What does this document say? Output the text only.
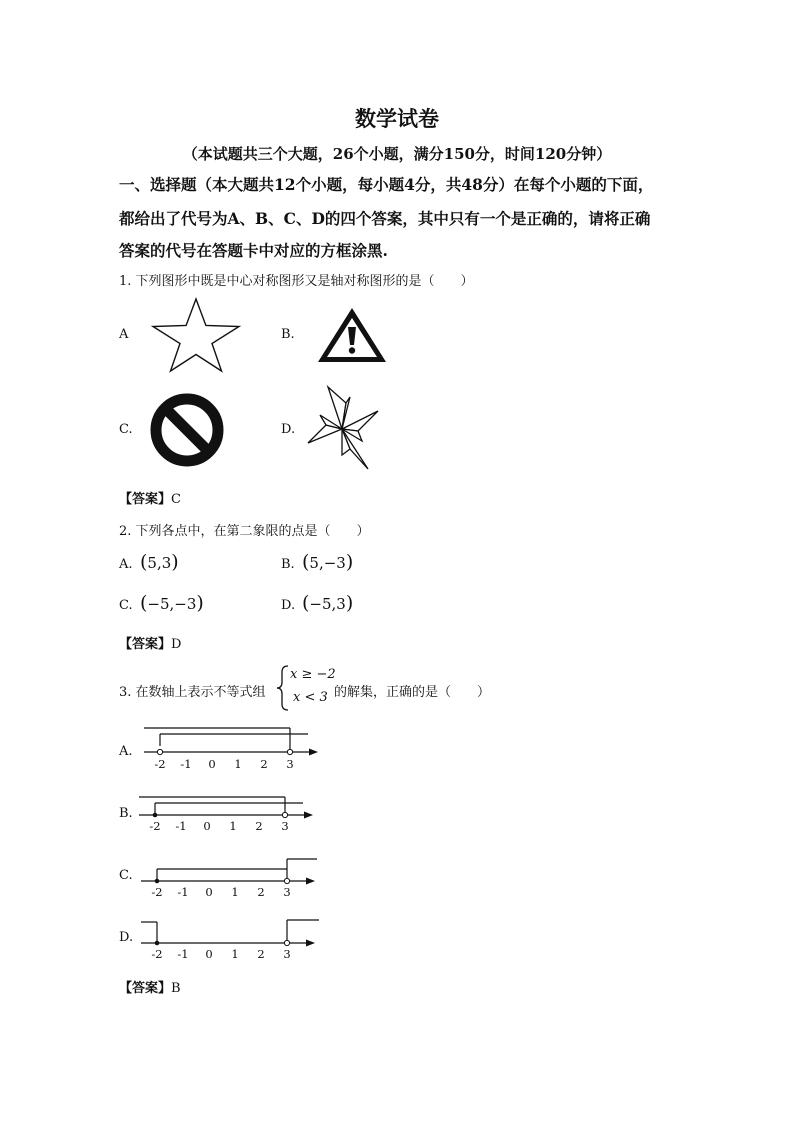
数学试卷
（本试题共三个大题，26个小题，满分150分，时间120分钟）
一、选择题（本大题共12个小题，每小题4分，共48分）在每个小题的下面，
都给出了代号为A、B、C、D的四个答案，其中只有一个是正确的，请将正确
答案的代号在答题卡中对应的方框涂黑.
1. 下列图形中既是中心对称图形又是轴对称图形的是（　　）
A	B.
C.	D.
【答案】C
2. 下列各点中，在第二象限的点是（　　）
A. (5,3)	B. (5,−3)
C. (−5,−3)	D. (−5,3)
【答案】D
3. 在数轴上表示不等式组
x ≥ −2
x < 3 的解集，正确的是（　　）
A.
-2 -1 0 1 2 3
B.
-2 -1 0 1 2 3
C.
-2 -1 0 1 2 3
D.
-2 -1 0 1 2 3
【答案】B
